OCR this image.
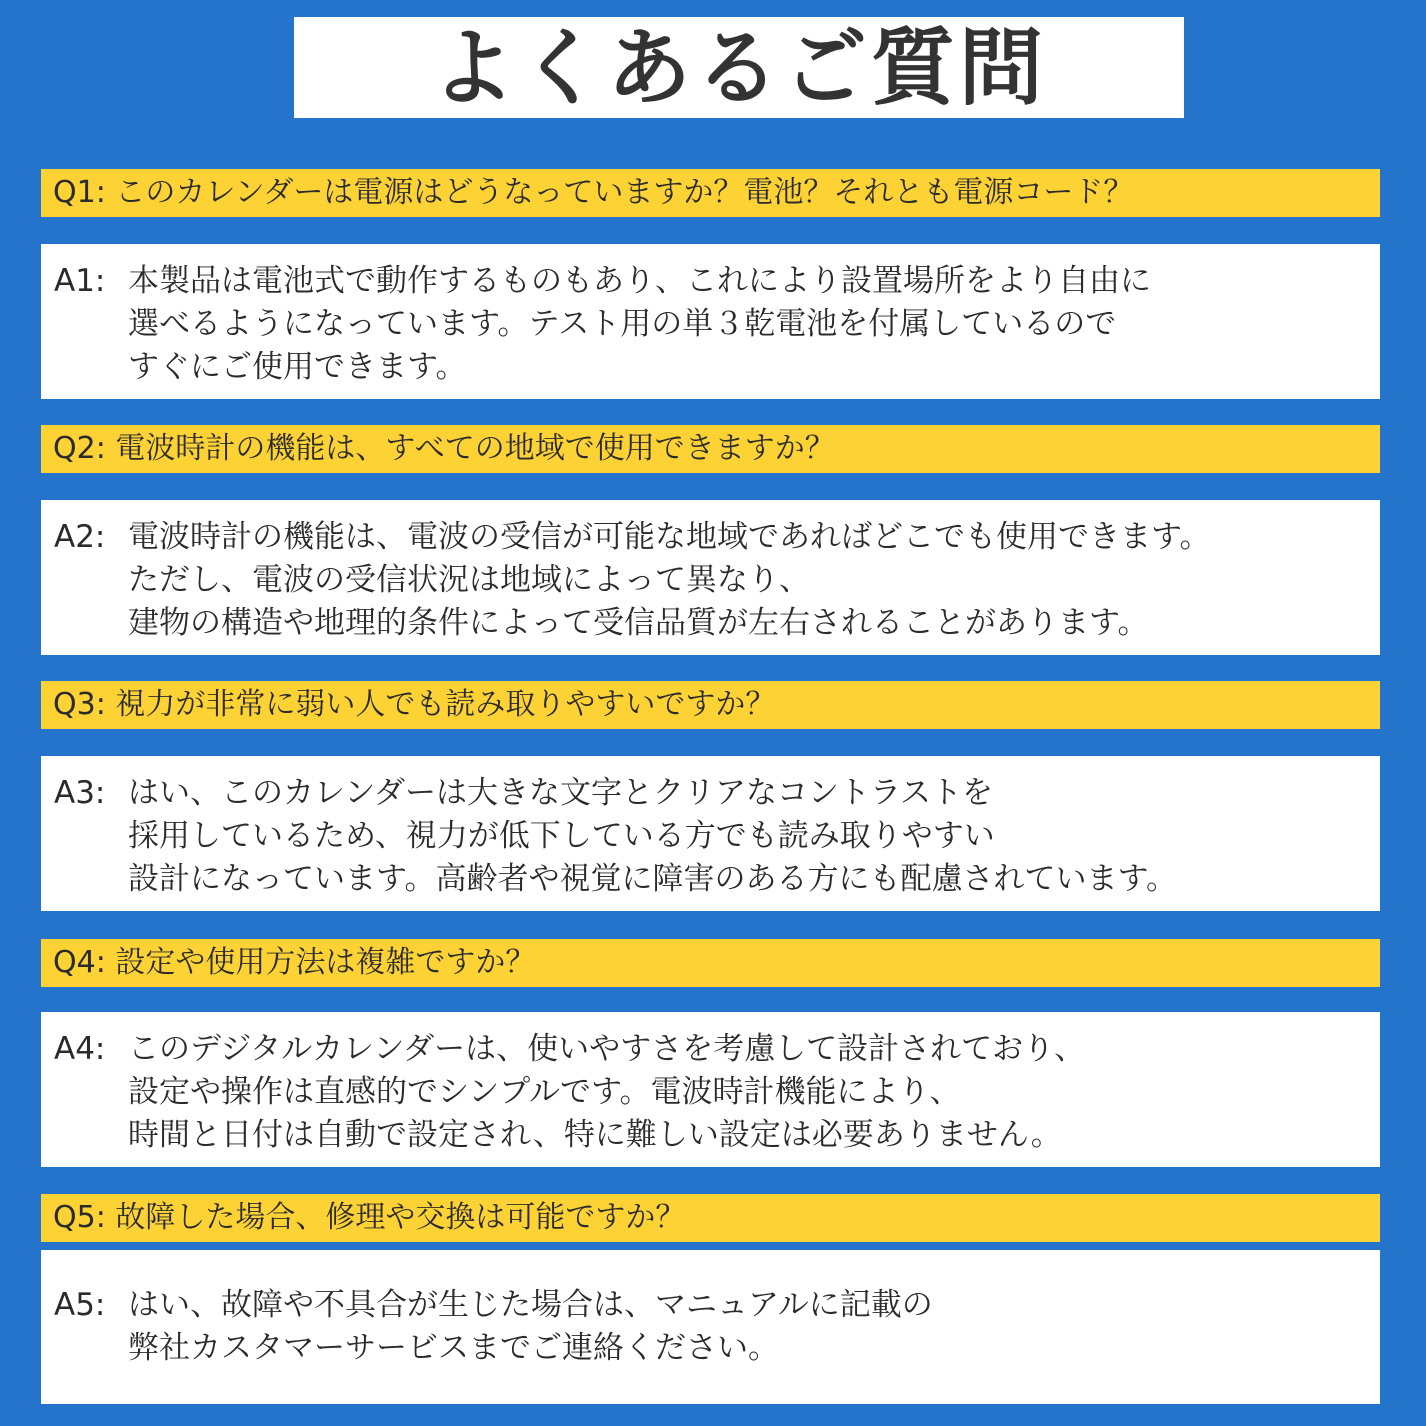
よくあるご質問
Q1: このカレンダーは電源はどうなっていますか？電池？それとも電源コード？
A1: 本製品は電池式で動作するものもあり、これにより設置場所をより自由に
選べるようになっています。テスト用の単３乾電池を付属しているので
すぐにご使用できます。
Q2: 電波時計の機能は、すべての地域で使用できますか？
A2: 電波時計の機能は、電波の受信が可能な地域であればどこでも使用できます。
ただし、電波の受信状況は地域によって異なり、
建物の構造や地理的条件によって受信品質が左右されることがあります。
Q3: 視力が非常に弱い人でも読み取りやすいですか？
A3: はい、このカレンダーは大きな文字とクリアなコントラストを
採用しているため、視力が低下している方でも読み取りやすい
設計になっています。高齢者や視覚に障害のある方にも配慮されています。
Q4: 設定や使用方法は複雑ですか？
A4: このデジタルカレンダーは、使いやすさを考慮して設計されており、
設定や操作は直感的でシンプルです。電波時計機能により、
時間と日付は自動で設定され、特に難しい設定は必要ありません。
Q5: 故障した場合、修理や交換は可能ですか？
A5: はい、故障や不具合が生じた場合は、マニュアルに記載の
弊社カスタマーサービスまでご連絡ください。
